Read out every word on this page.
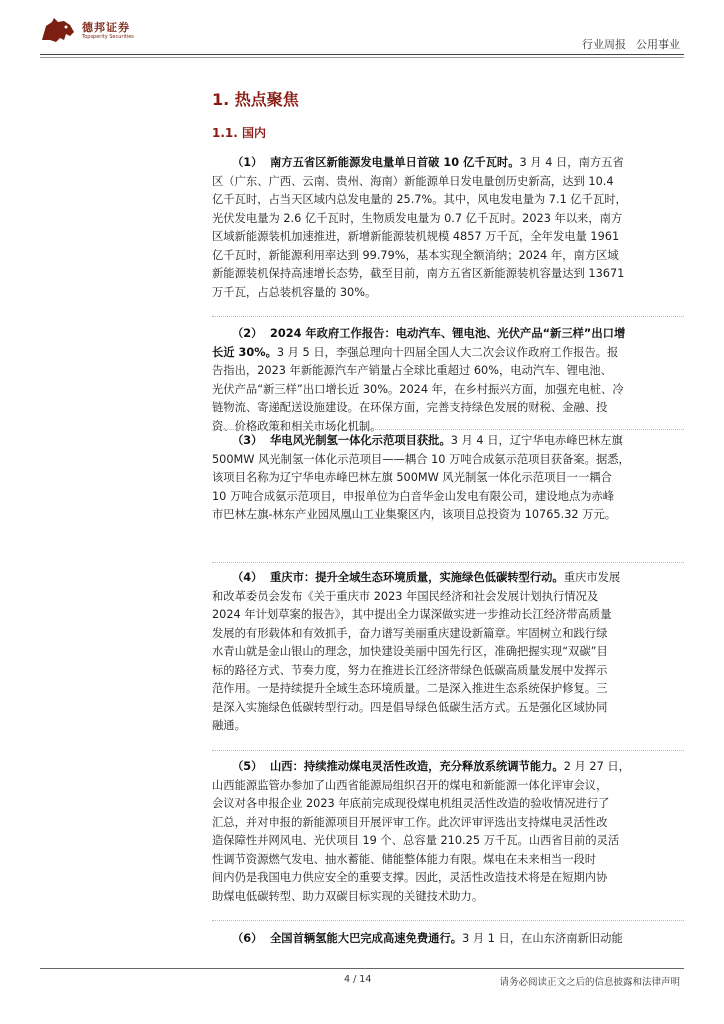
德邦证券
Topsperity Securities
行业周报 公用事业
1. 热点聚焦
1.1. 国内
（1） 南方五省区新能源发电量单日首破 10 亿千瓦时。3 月 4 日，南方五省
区（广东、广西、云南、贵州、海南）新能源单日发电量创历史新高，达到 10.4
亿千瓦时，占当天区域内总发电量的 25.7%。其中，风电发电量为 7.1 亿千瓦时，
光伏发电量为 2.6 亿千瓦时，生物质发电量为 0.7 亿千瓦时。2023 年以来，南方
区域新能源装机加速推进，新增新能源装机规模 4857 万千瓦，全年发电量 1961
亿千瓦时，新能源利用率达到 99.79%，基本实现全额消纳；2024 年，南方区域
新能源装机保持高速增长态势，截至目前，南方五省区新能源装机容量达到 13671
万千瓦，占总装机容量的 30%。
（2） 2024 年政府工作报告：电动汽车、锂电池、光伏产品“新三样”出口增
长近 30%。3 月 5 日，李强总理向十四届全国人大二次会议作政府工作报告。报
告指出，2023 年新能源汽车产销量占全球比重超过 60%，电动汽车、锂电池、
光伏产品“新三样”出口增长近 30%。2024 年，在乡村振兴方面，加强充电桩、冷
链物流、寄递配送设施建设。在环保方面，完善支持绿色发展的财税、金融、投
资、价格政策和相关市场化机制。
（3） 华电风光制氢一体化示范项目获批。3 月 4 日，辽宁华电赤峰巴林左旗
500MW 风光制氢一体化示范项目——耦合 10 万吨合成氨示范项目获备案。据悉，
该项目名称为辽宁华电赤峰巴林左旗 500MW 风光制氢一体化示范项目一一耦合
10 万吨合成氨示范项目，申报单位为白音华金山发电有限公司，建设地点为赤峰
市巴林左旗-林东产业园凤凰山工业集聚区内，该项目总投资为 10765.32 万元。
（4） 重庆市：提升全域生态环境质量，实施绿色低碳转型行动。重庆市发展
和改革委员会发布《关于重庆市 2023 年国民经济和社会发展计划执行情况及
2024 年计划草案的报告》，其中提出全力谋深做实进一步推动长江经济带高质量
发展的有形载体和有效抓手，奋力谱写美丽重庆建设新篇章。牢固树立和践行绿
水青山就是金山银山的理念，加快建设美丽中国先行区，准确把握实现“双碳”目
标的路径方式、节奏力度，努力在推进长江经济带绿色低碳高质量发展中发挥示
范作用。一是持续提升全域生态环境质量。二是深入推进生态系统保护修复。三
是深入实施绿色低碳转型行动。四是倡导绿色低碳生活方式。五是强化区域协同
融通。
（5） 山西：持续推动煤电灵活性改造，充分释放系统调节能力。2 月 27 日，
山西能源监管办参加了山西省能源局组织召开的煤电和新能源一体化评审会议，
会议对各申报企业 2023 年底前完成现役煤电机组灵活性改造的验收情况进行了
汇总，并对申报的新能源项目开展评审工作。此次评审评选出支持煤电灵活性改
造保障性并网风电、光伏项目 19 个、总容量 210.25 万千瓦。山西省目前的灵活
性调节资源燃气发电、抽水蓄能、储能整体能力有限。煤电在未来相当一段时
间内仍是我国电力供应安全的重要支撑。因此，灵活性改造技术将是在短期内协
助煤电低碳转型、助力双碳目标实现的关键技术助力。
（6） 全国首辆氢能大巴完成高速免费通行。3 月 1 日，在山东济南新旧动能
4 / 14	请务必阅读正文之后的信息披露和法律声明
